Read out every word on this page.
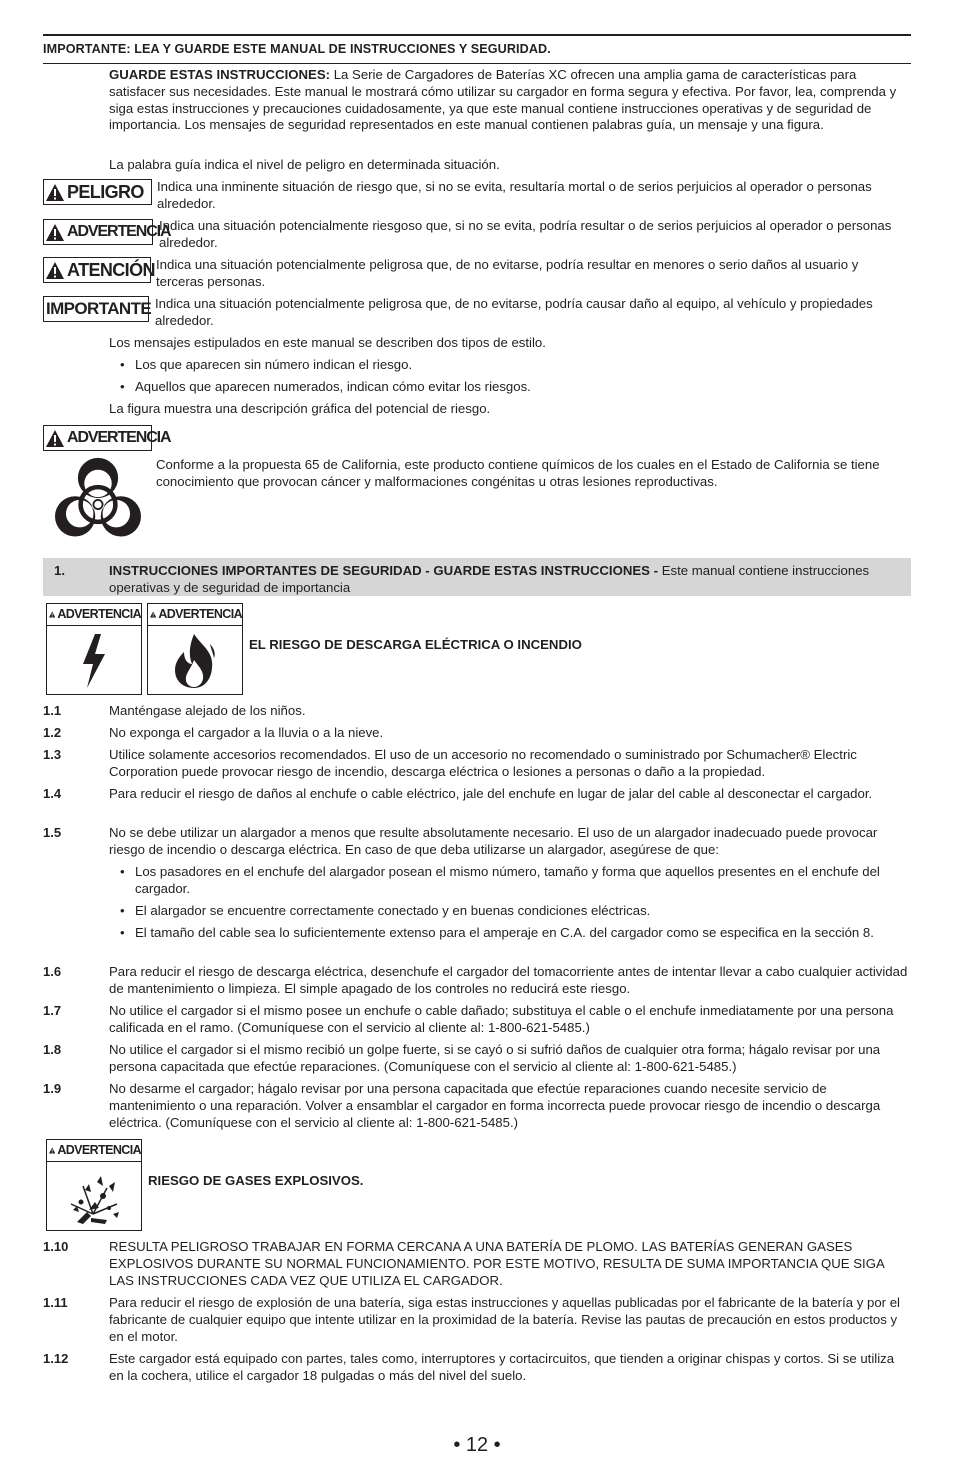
IMPORTANTE: LEA Y GUARDE ESTE MANUAL DE INSTRUCCIONES Y SEGURIDAD.
GUARDE ESTAS INSTRUCCIONES: La Serie de Cargadores de Baterías XC ofrecen una amplia gama de características para satisfacer sus necesidades. Este manual le mostrará cómo utilizar su cargador en forma segura y efectiva. Por favor, lea, comprenda y siga estas instrucciones y precauciones cuidadosamente, ya que este manual contiene instrucciones operativas y de seguridad de importancia. Los mensajes de seguridad representados en este manual contienen palabras guía, un mensaje y una figura.
La palabra guía indica el nivel de peligro en determinada situación.
PELIGRO Indica una inminente situación de riesgo que, si no se evita, resultaría mortal o de serios perjuicios al operador o personas alrededor.
ADVERTENCIA
Indica una situación potencialmente riesgoso que, si no se evita, podría resultar o de serios perjuicios al operador o personas alrededor.
ATENCIÓN Indica una situación potencialmente peligrosa que, de no evitarse, podría resultar en menores o serio daños al usuario y terceras personas.
IMPORTANTE Indica una situación potencialmente peligrosa que, de no evitarse, podría causar daño al equipo, al vehículo y propiedades alrededor.
Los mensajes estipulados en este manual se describen dos tipos de estilo.
• Los que aparecen sin número indican el riesgo.
• Aquellos que aparecen numerados, indican cómo evitar los riesgos.
La figura muestra una descripción gráfica del potencial de riesgo.
ADVERTENCIA
Conforme a la propuesta 65 de California, este producto contiene químicos de los cuales en el Estado de California se tiene conocimiento que provocan cáncer y malformaciones congénitas u otras lesiones reproductivas.
1.	INSTRUCCIONES IMPORTANTES DE SEGURIDAD - GUARDE ESTAS INSTRUCCIONES - Este manual contiene instrucciones operativas y de seguridad de importancia
ADVERTENCIA ADVERTENCIA
EL RIESGO DE DESCARGA ELÉCTRICA O INCENDIO
1.1	Manténgase alejado de los niños.
1.2	No exponga el cargador a la lluvia o a la nieve.
1.3	Utilice solamente accesorios recomendados. El uso de un accesorio no recomendado o suministrado por Schumacher® Electric Corporation puede provocar riesgo de incendio, descarga eléctrica o lesiones a personas o daño a la propiedad.
1.4	Para reducir el riesgo de daños al enchufe o cable eléctrico, jale del enchufe en lugar de jalar del cable al desconectar el cargador.
1.5	No se debe utilizar un alargador a menos que resulte absolutamente necesario. El uso de un alargador inadecuado puede provocar riesgo de incendio o descarga eléctrica. En caso de que deba utilizarse un alargador, asegúrese de que:
• Los pasadores en el enchufe del alargador posean el mismo número, tamaño y forma que aquellos presentes en el enchufe del cargador.
• El alargador se encuentre correctamente conectado y en buenas condiciones eléctricas.
• El tamaño del cable sea lo suficientemente extenso para el amperaje en C.A. del cargador como se especifica en la sección 8.
1.6	Para reducir el riesgo de descarga eléctrica, desenchufe el cargador del tomacorriente antes de intentar llevar a cabo cualquier actividad de mantenimiento o limpieza. El simple apagado de los controles no reducirá este riesgo.
1.7	No utilice el cargador si el mismo posee un enchufe o cable dañado; substituya el cable o el enchufe inmediatamente por una persona calificada en el ramo. (Comuníquese con el servicio al cliente al: 1-800-621-5485.)
1.8	No utilice el cargador si el mismo recibió un golpe fuerte, si se cayó o si sufrió daños de cualquier otra forma; hágalo revisar por una persona capacitada que efectúe reparaciones. (Comuníquese con el servicio al cliente al: 1-800-621-5485.)
1.9	No desarme el cargador; hágalo revisar por una persona capacitada que efectúe reparaciones cuando necesite servicio de mantenimiento o una reparación. Volver a ensamblar el cargador en forma incorrecta puede provocar riesgo de incendio o descarga eléctrica. (Comuníquese con el servicio al cliente al: 1-800-621-5485.)
ADVERTENCIA
RIESGO DE GASES EXPLOSIVOS.
1.10	RESULTA PELIGROSO TRABAJAR EN FORMA CERCANA A UNA BATERÍA DE PLOMO. LAS BATERÍAS GENERAN GASES EXPLOSIVOS DURANTE SU NORMAL FUNCIONAMIENTO. POR ESTE MOTIVO, RESULTA DE SUMA IMPORTANCIA QUE SIGA LAS INSTRUCCIONES CADA VEZ QUE UTILIZA EL CARGADOR.
1.11	Para reducir el riesgo de explosión de una batería, siga estas instrucciones y aquellas publicadas por el fabricante de la batería y por el fabricante de cualquier equipo que intente utilizar en la proximidad de la batería. Revise las pautas de precaución en estos productos y en el motor.
1.12	Este cargador está equipado con partes, tales como, interruptores y cortacircuitos, que tienden a originar chispas y cortos. Si se utiliza en la cochera, utilice el cargador 18 pulgadas o más del nivel del suelo.
• 12 •
